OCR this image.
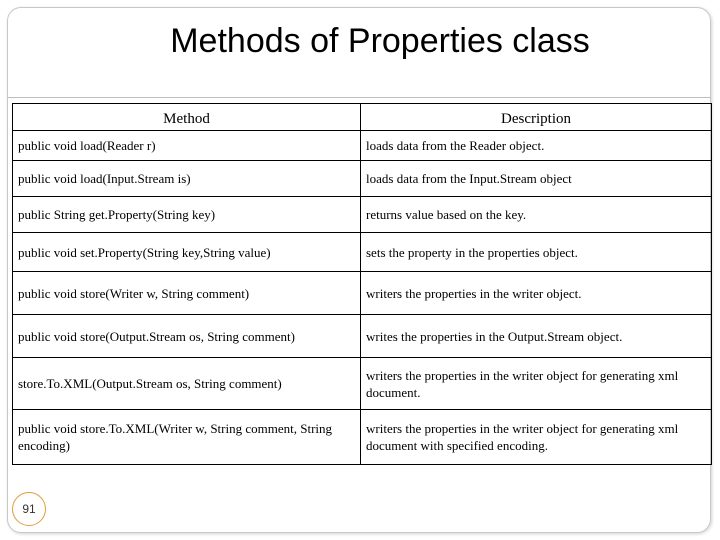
Methods of Properties class
Method	Description
public void load(Reader r)	loads data from the Reader object.
public void load(Input.Stream is)	loads data from the Input.Stream object
public String get.Property(String key)	returns value based on the key.
public void set.Property(String key,String value)	sets the property in the properties object.
public void store(Writer w, String comment)	writers the properties in the writer object.
public void store(Output.Stream os, String comment)	writes the properties in the Output.Stream object.
store.To.XML(Output.Stream os, String comment)	writers the properties in the writer object for generating xml document.
public void store.To.XML(Writer w, String comment, String encoding)	writers the properties in the writer object for generating xml document with specified encoding.
91
